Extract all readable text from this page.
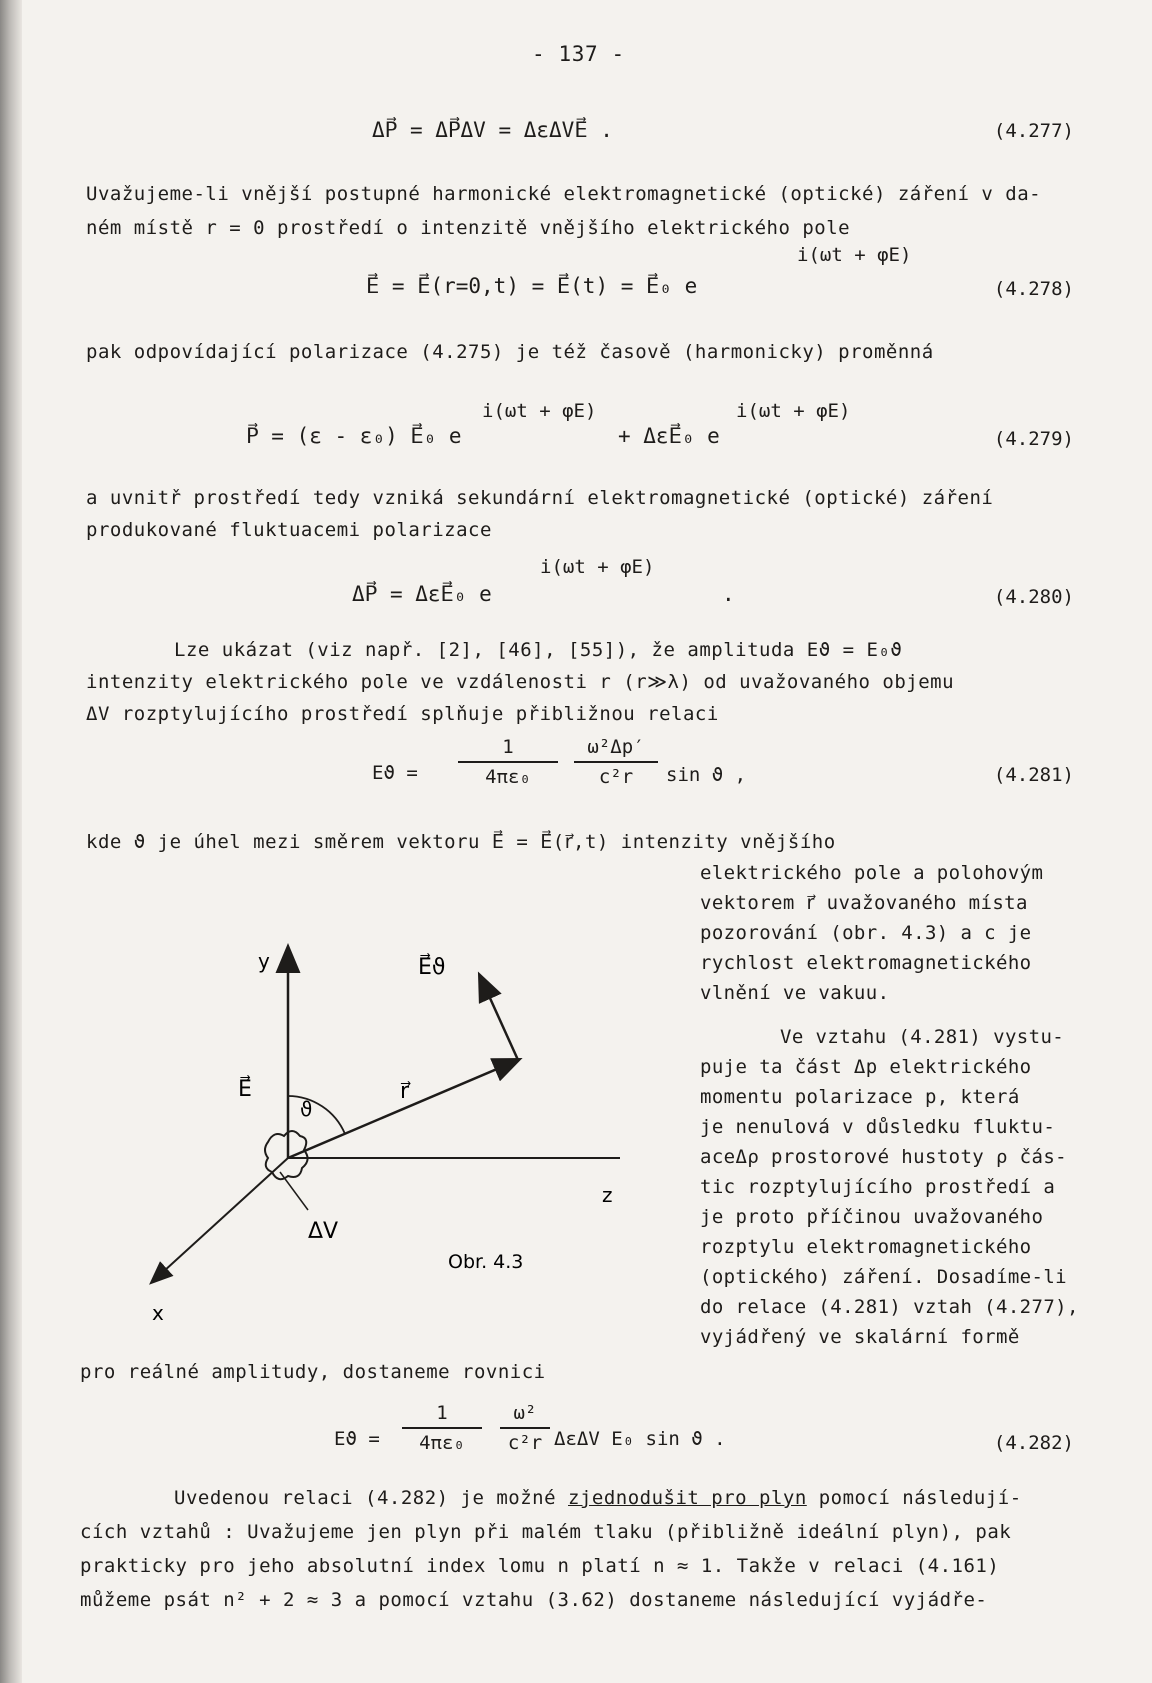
- 137 -
ΔP⃗ = ΔP⃗ΔV = ΔεΔVE⃗ .	(4.277)
Uvažujeme-li vnější postupné harmonické elektromagnetické (optické) záření v da-
ném místě r = 0 prostředí o intenzitě vnějšího elektrického pole
i(ωt + φE)
E⃗ = E⃗(r=0,t) = E⃗(t) = E⃗₀ e	(4.278)
pak odpovídající polarizace (4.275) je též časově (harmonicky) proměnná
i(ωt + φE)	i(ωt + φE)
P⃗ = (ε - ε₀) E⃗₀ e	+ ΔεE⃗₀ e	(4.279)
a uvnitř prostředí tedy vzniká sekundární elektromagnetické (optické) záření
produkované fluktuacemi polarizace
i(ωt + φE)
ΔP⃗ = ΔεE⃗₀ e	.	(4.280)
Lze ukázat (viz např. [2], [46], [55]), že amplituda Eϑ = E₀ϑ
intenzity elektrického pole ve vzdálenosti r (r≫λ) od uvažovaného objemu
ΔV rozptylujícího prostředí splňuje přibližnou relaci
Eϑ =
1
4πε₀
ω²Δp′
c²r	sin ϑ ,	(4.281)
kde ϑ je úhel mezi směrem vektoru E⃗ = E⃗(r⃗,t) intenzity vnějšího
elektrického pole a polohovým
vektorem r⃗ uvažovaného místa
pozorování (obr. 4.3) a c je
rychlost elektromagnetického
vlnění ve vakuu.
Ve vztahu (4.281) vystu-
puje ta část Δp elektrického
momentu polarizace p, která
je nenulová v důsledku fluktu-
aceΔρ prostorové hustoty ρ čás-
tic rozptylujícího prostředí a
je proto příčinou uvažovaného
rozptylu elektromagnetického
(optického) záření. Dosadíme-li
do relace (4.281) vztah (4.277),
vyjádřený ve skalární formě
y
z
x
E⃗	r⃗
E⃗ϑ
ϑ
ΔV
Obr. 4.3
pro reálné amplitudy, dostaneme rovnici
Eϑ =
1
4πε₀
ω²
c²r ΔεΔV E₀ sin ϑ .	(4.282)
Uvedenou relaci (4.282) je možné zjednodušit pro plyn pomocí následují-
cích vztahů : Uvažujeme jen plyn při malém tlaku (přibližně ideální plyn), pak
prakticky pro jeho absolutní index lomu n platí n ≈ 1. Takže v relaci (4.161)
můžeme psát n² + 2 ≈ 3 a pomocí vztahu (3.62) dostaneme následující vyjádře-
